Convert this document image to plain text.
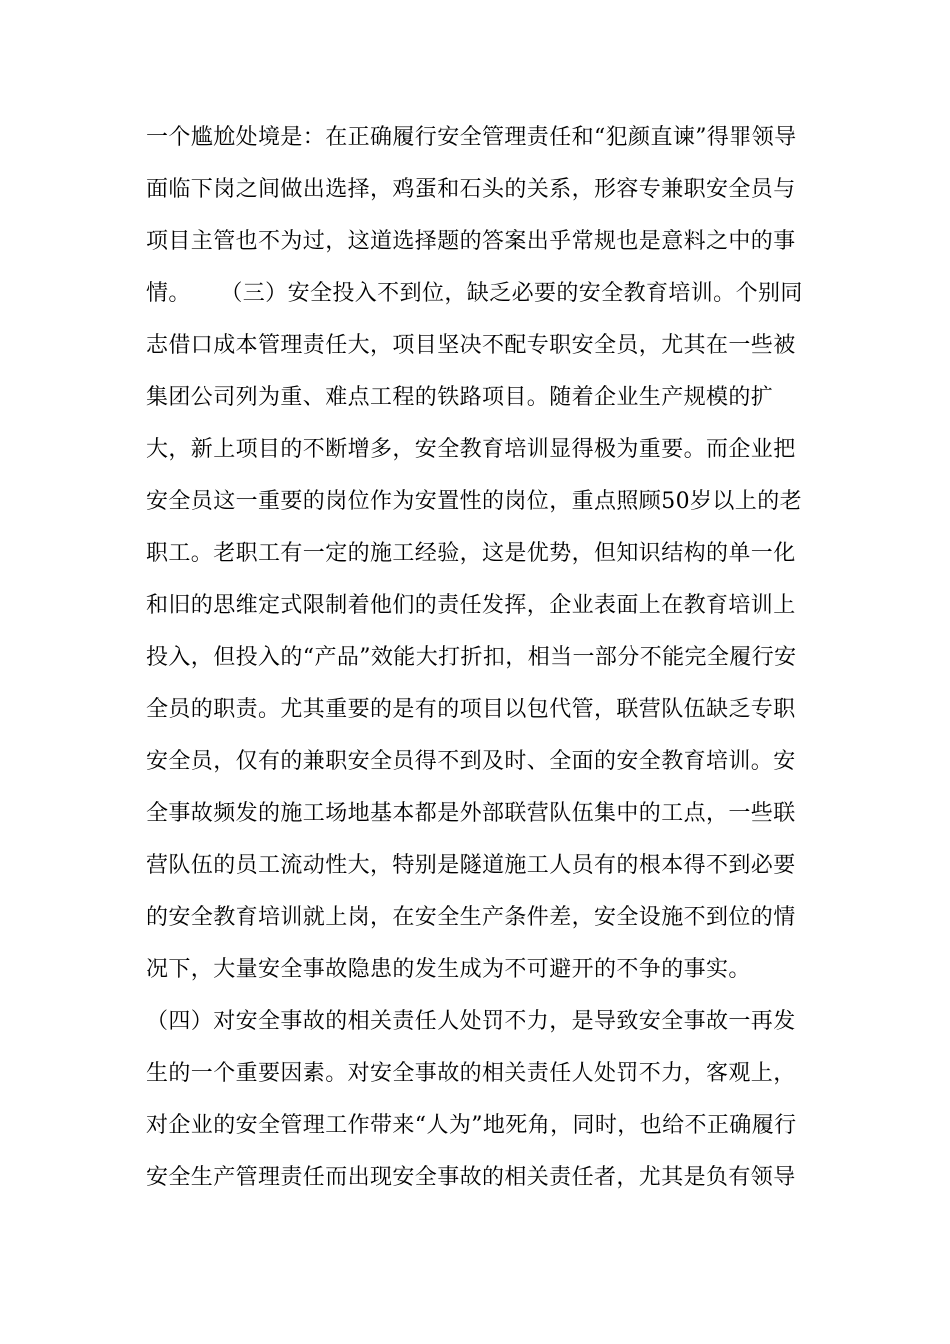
一个尴尬处境是：在正确履行安全管理责任和“犯颜直谏”得罪领导
面临下岗之间做出选择，鸡蛋和石头的关系，形容专兼职安全员与
项目主管也不为过，这道选择题的答案出乎常规也是意料之中的事
情。    （三）安全投入不到位，缺乏必要的安全教育培训。个别同
志借口成本管理责任大，项目坚决不配专职安全员，尤其在一些被
集团公司列为重、难点工程的铁路项目。随着企业生产规模的扩
大，新上项目的不断增多，安全教育培训显得极为重要。而企业把
安全员这一重要的岗位作为安置性的岗位，重点照顾50岁以上的老
职工。老职工有一定的施工经验，这是优势，但知识结构的单一化
和旧的思维定式限制着他们的责任发挥，企业表面上在教育培训上
投入，但投入的“产品”效能大打折扣，相当一部分不能完全履行安
全员的职责。尤其重要的是有的项目以包代管，联营队伍缺乏专职
安全员，仅有的兼职安全员得不到及时、全面的安全教育培训。安
全事故频发的施工场地基本都是外部联营队伍集中的工点，一些联
营队伍的员工流动性大，特别是隧道施工人员有的根本得不到必要
的安全教育培训就上岗，在安全生产条件差，安全设施不到位的情
况下，大量安全事故隐患的发生成为不可避开的不争的事实。
（四）对安全事故的相关责任人处罚不力，是导致安全事故一再发
生的一个重要因素。对安全事故的相关责任人处罚不力，客观上，
对企业的安全管理工作带来“人为”地死角，同时，也给不正确履行
安全生产管理责任而出现安全事故的相关责任者，尤其是负有领导
